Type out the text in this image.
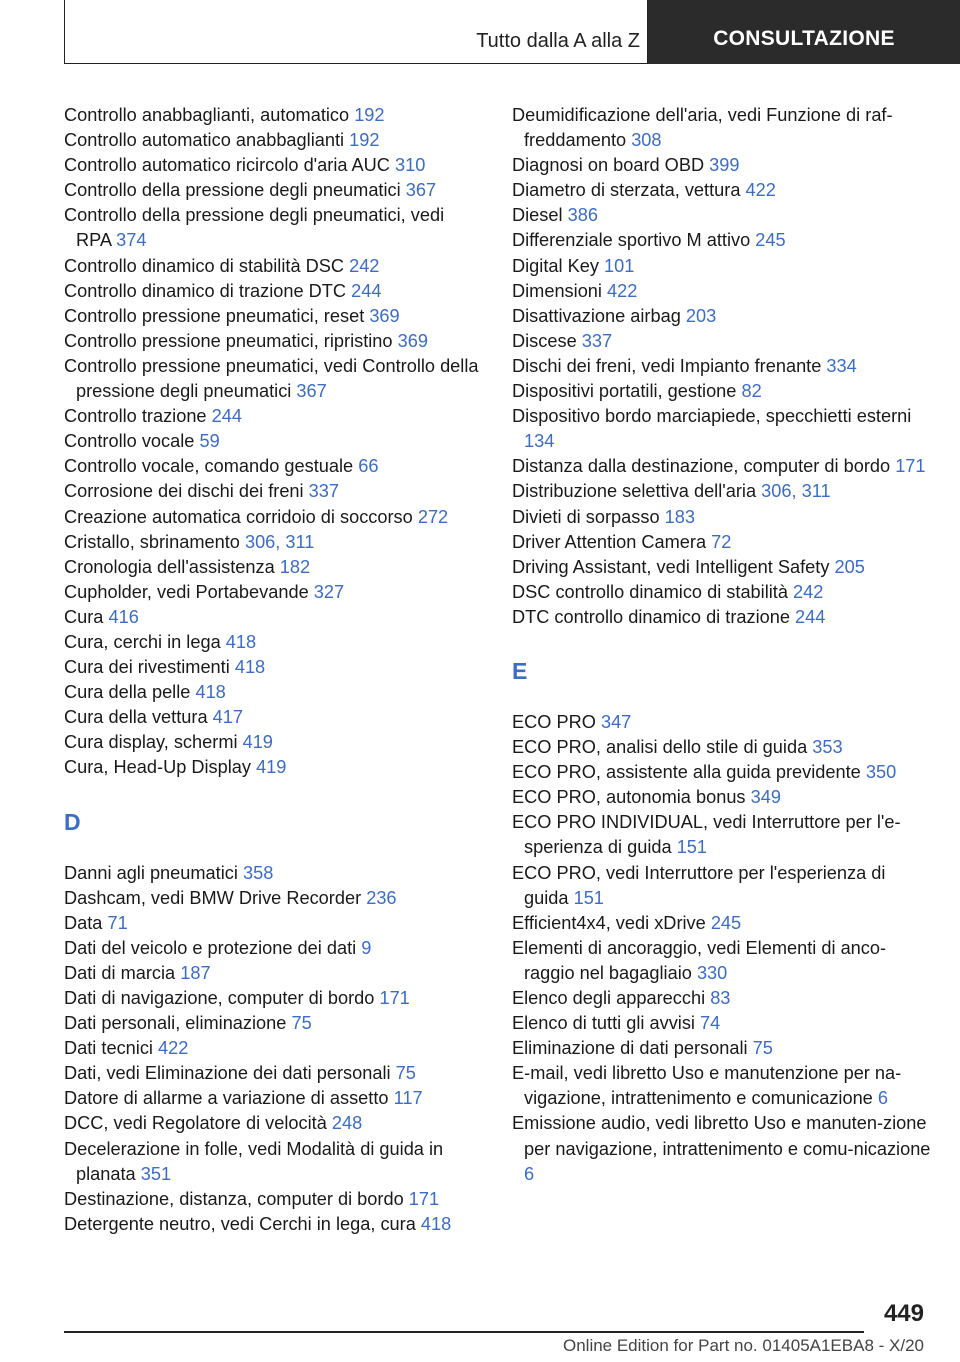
Tutto dalla A alla Z	CONSULTAZIONE

Controllo anabbaglianti, automatico 192

Controllo automatico anabbaglianti 192

Controllo automatico ricircolo d'aria AUC 310

Controllo della pressione degli pneumatici 367

Controllo della pressione degli pneumatici, vedi RPA 374

Controllo dinamico di stabilità DSC 242

Controllo dinamico di trazione DTC 244

Controllo pressione pneumatici, reset 369

Controllo pressione pneumatici, ripristino 369

Controllo pressione pneumatici, vedi Controllo della pressione degli pneumatici 367

Controllo trazione 244

Controllo vocale 59

Controllo vocale, comando gestuale 66

Corrosione dei dischi dei freni 337

Creazione automatica corridoio di soccorso 272

Cristallo, sbrinamento 306, 311

Cronologia dell'assistenza 182

Cupholder, vedi Portabevande 327

Cura 416

Cura, cerchi in lega 418

Cura dei rivestimenti 418

Cura della pelle 418

Cura della vettura 417

Cura display, schermi 419

Cura, Head-Up Display 419

D

Danni agli pneumatici 358

Dashcam, vedi BMW Drive Recorder 236

Data 71

Dati del veicolo e protezione dei dati 9

Dati di marcia 187

Dati di navigazione, computer di bordo 171

Dati personali, eliminazione 75

Dati tecnici 422

Dati, vedi Eliminazione dei dati personali 75

Datore di allarme a variazione di assetto 117

DCC, vedi Regolatore di velocità 248

Decelerazione in folle, vedi Modalità di guida in planata 351

Destinazione, distanza, computer di bordo 171

Detergente neutro, vedi Cerchi in lega, cura 418

Deumidificazione dell'aria, vedi Funzione di raf-freddamento 308

Diagnosi on board OBD 399

Diametro di sterzata, vettura 422

Diesel 386

Differenziale sportivo M attivo 245

Digital Key 101

Dimensioni 422

Disattivazione airbag 203

Discese 337

Dischi dei freni, vedi Impianto frenante 334

Dispositivi portatili, gestione 82

Dispositivo bordo marciapiede, specchietti esterni 134

Distanza dalla destinazione, computer di bordo 171

Distribuzione selettiva dell'aria 306, 311

Divieti di sorpasso 183

Driver Attention Camera 72

Driving Assistant, vedi Intelligent Safety 205

DSC controllo dinamico di stabilità 242

DTC controllo dinamico di trazione 244

E

ECO PRO 347

ECO PRO, analisi dello stile di guida 353

ECO PRO, assistente alla guida previdente 350

ECO PRO, autonomia bonus 349

ECO PRO INDIVIDUAL, vedi Interruttore per l'e-sperienza di guida 151

ECO PRO, vedi Interruttore per l'esperienza di guida 151

Efficient4x4, vedi xDrive 245

Elementi di ancoraggio, vedi Elementi di anco-raggio nel bagagliaio 330

Elenco degli apparecchi 83

Elenco di tutti gli avvisi 74

Eliminazione di dati personali 75

E-mail, vedi libretto Uso e manutenzione per na-vigazione, intrattenimento e comunicazione 6

Emissione audio, vedi libretto Uso e manuten-zione per navigazione, intrattenimento e comu-nicazione 6

449
Online Edition for Part no. 01405A1EBA8 - X/20
